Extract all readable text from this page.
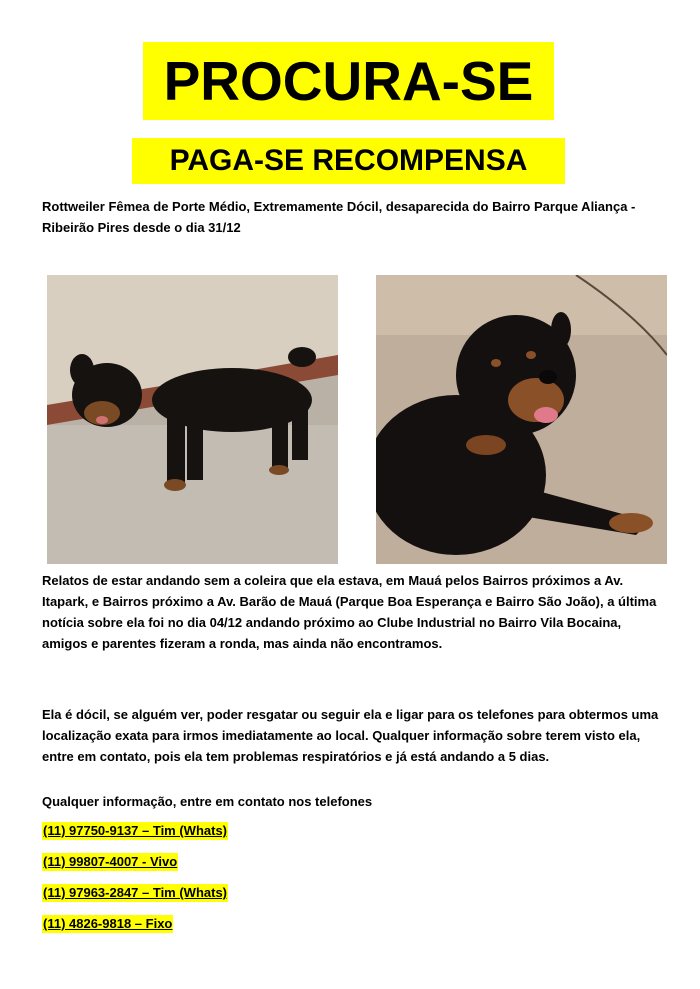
PROCURA-SE
PAGA-SE RECOMPENSA
Rottweiler Fêmea de Porte Médio, Extremamente Dócil, desaparecida do Bairro Parque Aliança - Ribeirão Pires desde o dia 31/12
Relatos de estar andando sem a coleira que ela estava, em Mauá pelos Bairros próximos a Av. Itapark, e Bairros próximo a Av. Barão de Mauá (Parque Boa Esperança e Bairro São João), a última notícia sobre ela foi no dia 04/12 andando próximo ao Clube Industrial no Bairro Vila Bocaina, amigos e parentes fizeram a ronda, mas ainda não encontramos.
Ela é dócil, se alguém ver, poder resgatar ou seguir ela e ligar para os telefones para obtermos uma localização exata para irmos imediatamente ao local. Qualquer informação sobre terem visto ela, entre em contato, pois ela tem problemas respiratórios e já está andando a 5 dias.
Qualquer informação, entre em contato nos telefones
(11) 97750-9137 – Tim (Whats)
(11) 99807-4007 - Vivo
(11) 97963-2847 – Tim (Whats)
(11) 4826-9818 – Fixo
